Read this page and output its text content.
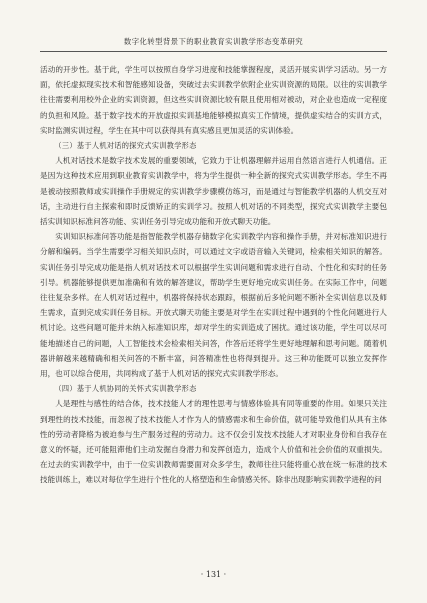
数字化转型背景下的职业教育实训教学形态变革研究

活动的开步性。基于此，学生可以按照自身学习进度和技能掌握程度，灵活开展实训学习活动。另一方面，依托虚拟现实技术和智能感知设备，突破过去实训教学依附企业实训资源的局限。以往的实训教学往往需要利用校外企业的实训资源，但这些实训资源比较有限且使用相对被动，对企业也造成一定程度的负担和风险。基于数字技术的开放虚拟实训基地能够模拟真实工作情境，提供虚实结合的实训方式，实时监测实训过程，学生在其中可以获得具有真实感且更加灵活的实训体验。

（三）基于人机对话的探究式实训教学形态

人机对话技术是数字技术发展的重要领域，它致力于让机器理解并运用自然语言进行人机通信。正是因为这种技术应用到职业教育实训教学中，将为学生提供一种全新的探究式实训教学形态。学生不再是被动按照教师或实训操作手册规定的实训教学步骤模仿练习，而是通过与智能教学机器的人机交互对话，主动进行自主探索和即时反馈矫正的实训学习。按照人机对话的不同类型，探究式实训教学主要包括实训知识标准问答功能、实训任务引导完成功能和开放式聊天功能。

实训知识标准问答功能是指智能教学机器存储数字化实训教学内容和操作手册，并对标准知识进行分解和编码。当学生需要学习相关知识点时，可以通过文字或语音输入关键词，检索相关知识的解答。实训任务引导完成功能是指人机对话技术可以根据学生实训问题和需求进行自动、个性化和实时的任务引导。机器能够提供更加准确和有效的解答建议，帮助学生更好地完成实训任务。在实际工作中，问题往往复杂多样。在人机对话过程中，机器将保持状态跟踪，根据前后多轮问题不断补全实训信息以及师生需求，直到完成实训任务目标。开放式聊天功能主要是对学生在实训过程中遇到的个性化问题进行人机讨论。这些问题可能并未纳入标准知识库，却对学生的实训造成了困扰。通过该功能，学生可以尽可能地描述自己的问题，人工智能技术会检索相关问答，作答后还将学生更好地理解和思考问题。随着机器讲解越来越精确和相关问答的不断丰富，问答精准性也将得到提升。这三种功能既可以独立发挥作用，也可以综合使用，共同构成了基于人机对话的探究式实训教学形态。

（四）基于人机协同的关怀式实训教学形态

人是理性与感性的结合体，技术技能人才的理性思考与情感体验具有同等重要的作用。如果只关注到理性的技术技能，而忽视了技术技能人才作为人的情感需求和生命价值，就可能导致他们从具有主体性的劳动者降格为被迫参与生产服务过程的劳动力。这不仅会引发技术技能人才对职业身份和自我存在意义的怀疑，还可能阻滞他们主动发掘自身潜力和发挥创造力，造成个人价值和社会价值的双重损失。在过去的实训教学中，由于一位实训教师需要面对众多学生，教师往往只能将重心放在统一标准的技术技能训练上，难以对每位学生进行个性化的人格塑造和生命情感关怀。除非出现影响实训教学进程的问

· 131 ·
